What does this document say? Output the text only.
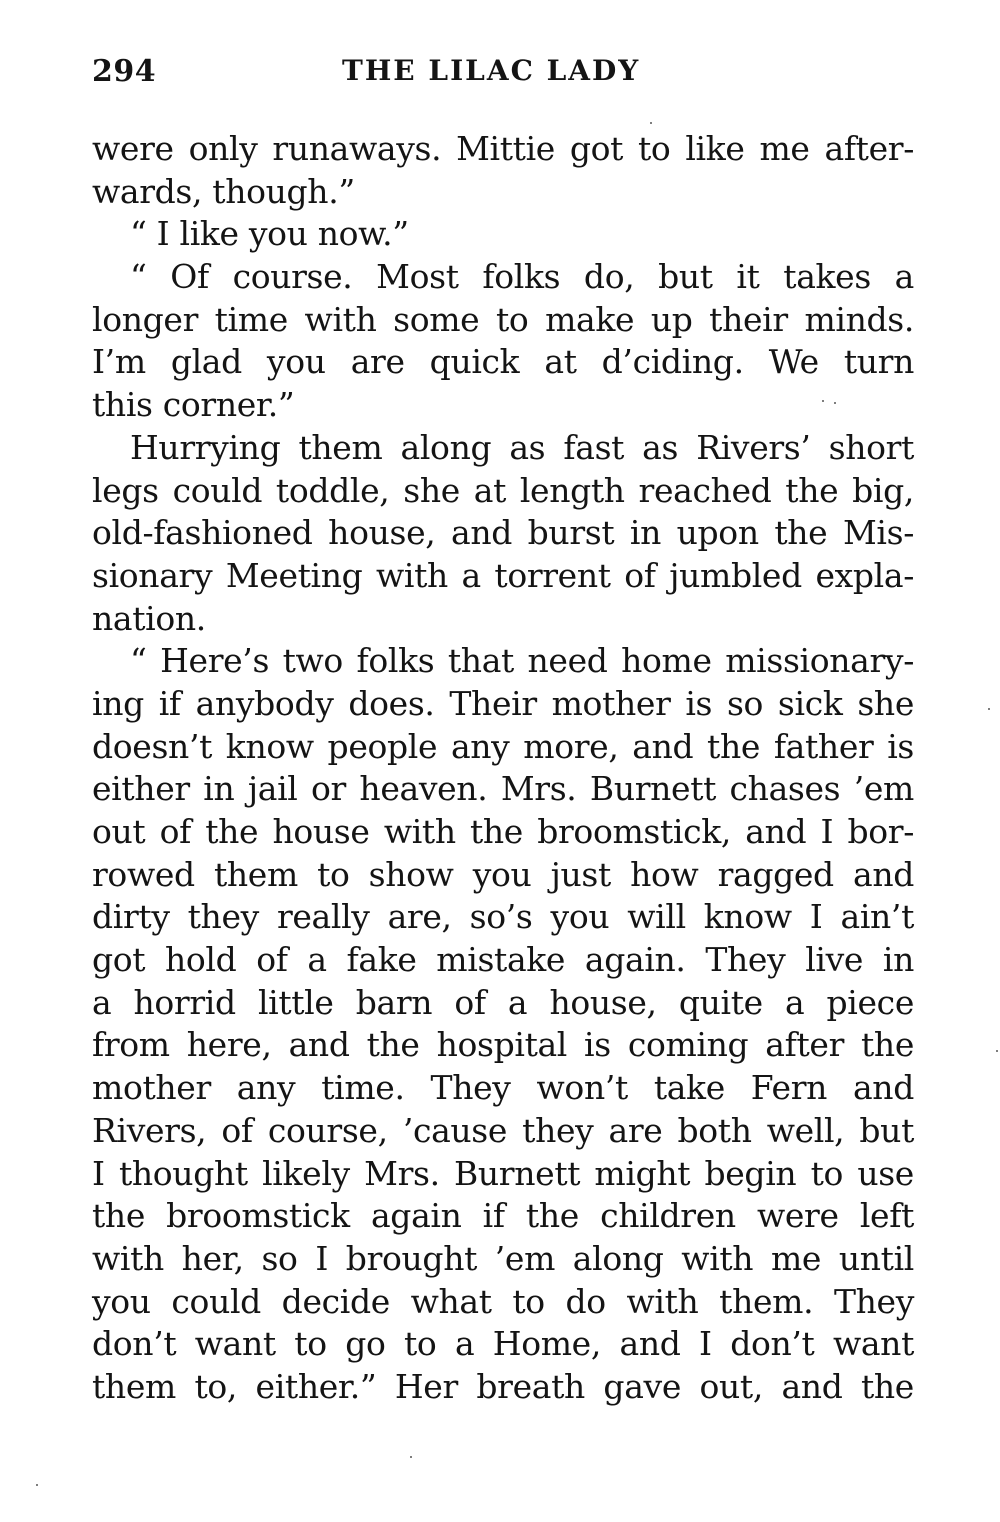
294	THE LILAC LADY
were only runaways. Mittie got to like me after-
wards, though.”
“ I like you now.”
“ Of course. Most folks do, but it takes a
longer time with some to make up their minds.
I’m glad you are quick at d’ciding. We turn
this corner.”
Hurrying them along as fast as Rivers’ short
legs could toddle, she at length reached the big,
old-fashioned house, and burst in upon the Mis-
sionary Meeting with a torrent of jumbled expla-
nation.
“ Here’s two folks that need home missionary-
ing if anybody does. Their mother is so sick she
doesn’t know people any more, and the father is
either in jail or heaven. Mrs. Burnett chases ’em
out of the house with the broomstick, and I bor-
rowed them to show you just how ragged and
dirty they really are, so’s you will know I ain’t
got hold of a fake mistake again. They live in
a horrid little barn of a house, quite a piece
from here, and the hospital is coming after the
mother any time. They won’t take Fern and
Rivers, of course, ’cause they are both well, but
I thought likely Mrs. Burnett might begin to use
the broomstick again if the children were left
with her, so I brought ’em along with me until
you could decide what to do with them. They
don’t want to go to a Home, and I don’t want
them to, either.” Her breath gave out, and the
